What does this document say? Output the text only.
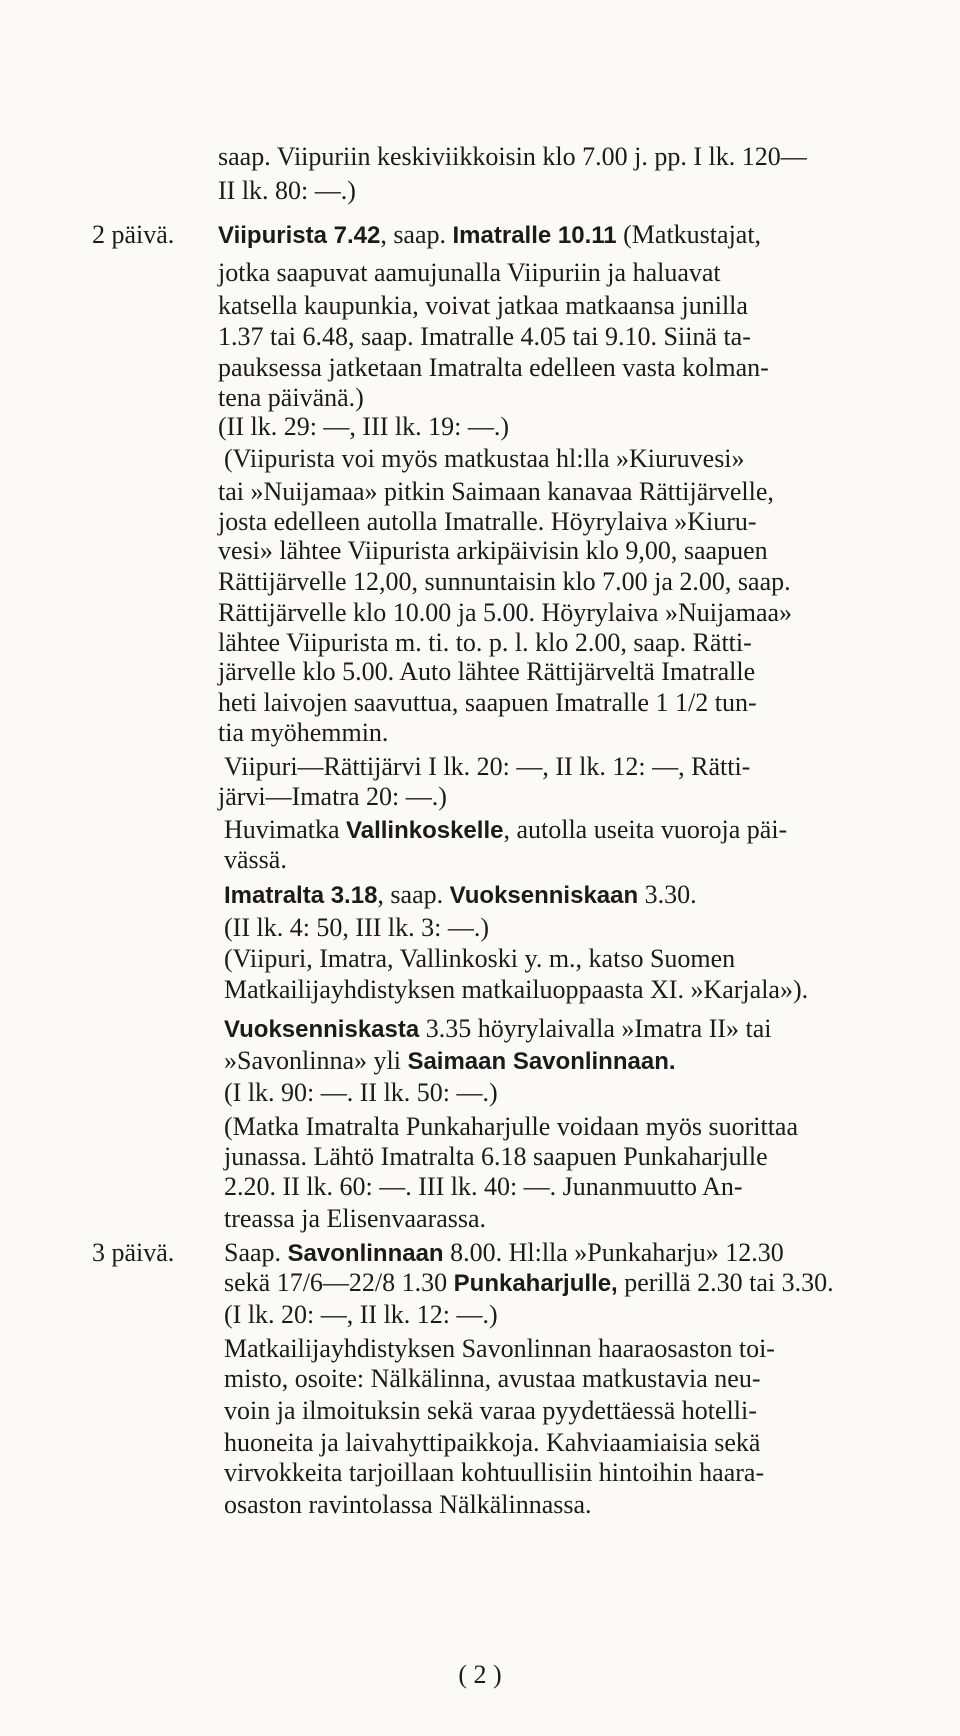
saap. Viipuriin keskiviikkoisin klo 7.00 j. pp. I lk. 120—
II lk. 80: —.)
2 päivä. Viipurista 7.42, saap. Imatralle 10.11 (Matkustajat,
jotka saapuvat aamujunalla Viipuriin ja haluavat
katsella kaupunkia, voivat jatkaa matkaansa junilla
1.37 tai 6.48, saap. Imatralle 4.05 tai 9.10. Siinä ta-
pauksessa jatketaan Imatralta edelleen vasta kolman-
tena päivänä.)
(II lk. 29: —, III lk. 19: —.)
(Viipurista voi myös matkustaa hl:lla »Kiuruvesi»
tai »Nuijamaa» pitkin Saimaan kanavaa Rättijärvelle,
josta edelleen autolla Imatralle. Höyrylaiva »Kiuru-
vesi» lähtee Viipurista arkipäivisin klo 9,00, saapuen
Rättijärvelle 12,00, sunnuntaisin klo 7.00 ja 2.00, saap.
Rättijärvelle klo 10.00 ja 5.00. Höyrylaiva »Nuijamaa»
lähtee Viipurista m. ti. to. p. l. klo 2.00, saap. Rätti-
järvelle klo 5.00. Auto lähtee Rättijärveltä Imatralle
heti laivojen saavuttua, saapuen Imatralle 1 1/2 tun-
tia myöhemmin.
Viipuri—Rättijärvi I lk. 20: —, II lk. 12: —, Rätti-
järvi—Imatra 20: —.)
Huvimatka Vallinkoskelle, autolla useita vuoroja päi-
vässä.
Imatralta 3.18, saap. Vuoksenniskaan 3.30.
(II lk. 4: 50, III lk. 3: —.)
(Viipuri, Imatra, Vallinkoski y. m., katso Suomen
Matkailijayhdistyksen matkailuoppaasta XI. »Karjala»).
Vuoksenniskasta 3.35 höyrylaivalla »Imatra II» tai
»Savonlinna» yli Saimaan Savonlinnaan.
(I lk. 90: —. II lk. 50: —.)
(Matka Imatralta Punkaharjulle voidaan myös suorittaa
junassa. Lähtö Imatralta 6.18 saapuen Punkaharjulle
2.20. II lk. 60: —. III lk. 40: —. Junanmuutto An-
treassa ja Elisenvaarassa.
3 päivä. Saap. Savonlinnaan 8.00. Hl:lla »Punkaharju» 12.30
sekä 17/6—22/8 1.30 Punkaharjulle, perillä 2.30 tai 3.30.
(I lk. 20: —, II lk. 12: —.)
Matkailijayhdistyksen Savonlinnan haaraosaston toi-
misto, osoite: Nälkälinna, avustaa matkustavia neu-
voin ja ilmoituksin sekä varaa pyydettäessä hotelli-
huoneita ja laivahyttipaikkoja. Kahviaamiaisia sekä
virvokkeita tarjoillaan kohtuullisiin hintoihin haara-
osaston ravintolassa Nälkälinnassa.
( 2 )
